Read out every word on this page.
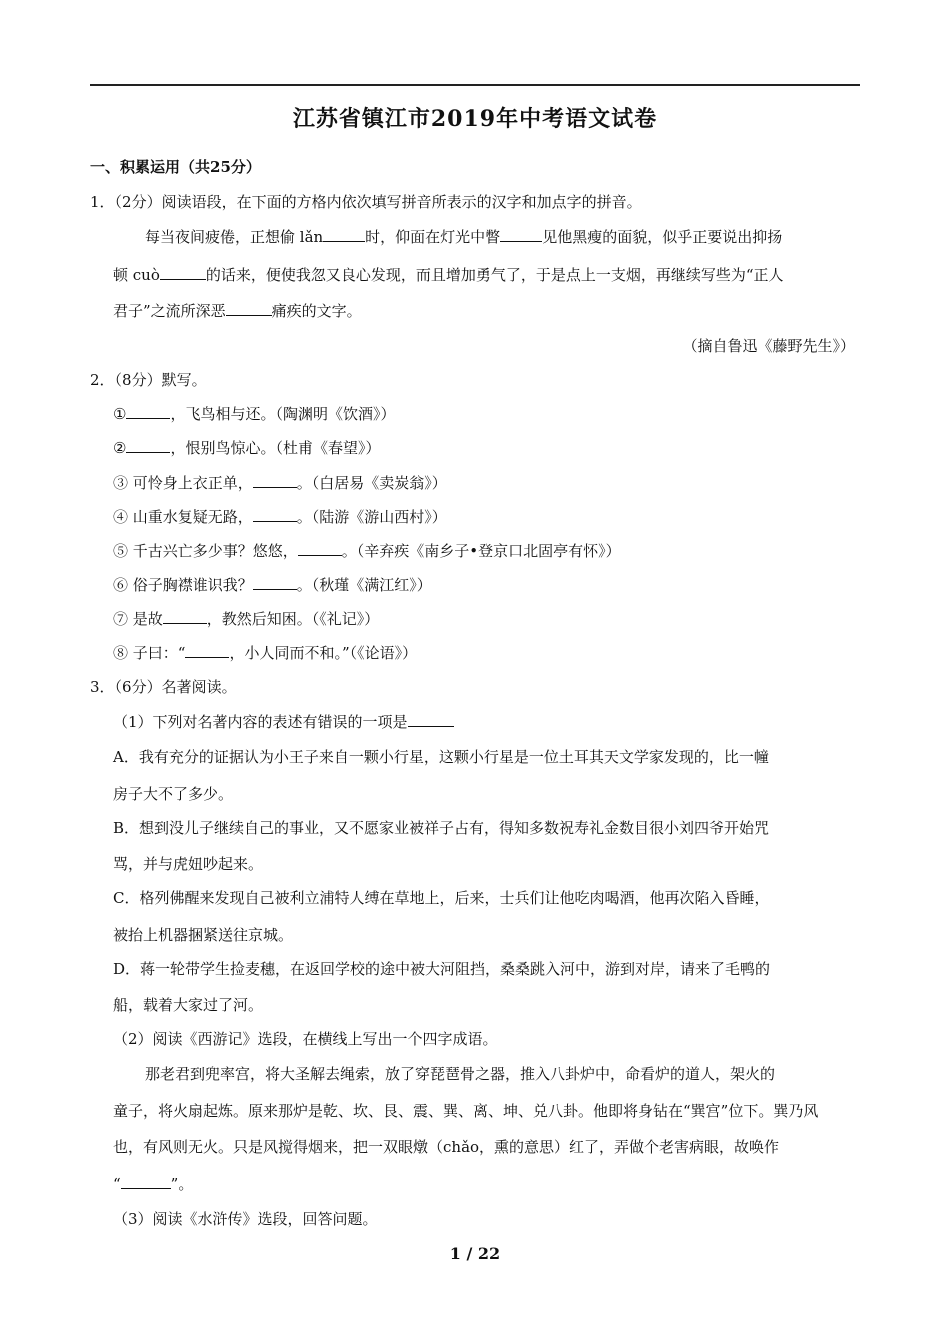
江苏省镇江市2019年中考语文试卷
一、积累运用（共25分）
1．（2分）阅读语段，在下面的方格内依次填写拼音所表示的汉字和加点字的拼音。
每当夜间疲倦，正想偷 lǎn	时，仰面在灯光中瞥	见他黑瘦的面貌，似乎正要说出抑扬
顿 cuò	的话来，便使我忽又良心发现，而且增加勇气了，于是点上一支烟，再继续写些为“正人
君子”之流所深恶	痛疾的文字。
（摘自鲁迅《藤野先生》）
2．（8分）默写。
①	，飞鸟相与还。（陶渊明《饮酒》）
②	，恨别鸟惊心。（杜甫《春望》）
③ 可怜身上衣正单，	。（白居易《卖炭翁》）
④ 山重水复疑无路，	。（陆游《游山西村》）
⑤ 千古兴亡多少事？悠悠，	。（辛弃疾《南乡子•登京口北固亭有怀》）
⑥ 俗子胸襟谁识我？	。（秋瑾《满江红》）
⑦ 是故	，教然后知困。（《礼记》）
⑧ 子曰：“	，小人同而不和。”（《论语》）
3．（6分）名著阅读。
（1）下列对名著内容的表述有错误的一项是
A．我有充分的证据认为小王子来自一颗小行星，这颗小行星是一位土耳其天文学家发现的，比一幢
房子大不了多少。
B．想到没儿子继续自己的事业，又不愿家业被祥子占有，得知多数祝寿礼金数目很小刘四爷开始咒
骂，并与虎妞吵起来。
C．格列佛醒来发现自己被利立浦特人缚在草地上，后来，士兵们让他吃肉喝酒，他再次陷入昏睡，
被抬上机器捆紧送往京城。
D．蒋一轮带学生捡麦穗，在返回学校的途中被大河阻挡，桑桑跳入河中，游到对岸，请来了毛鸭的
船，载着大家过了河。
（2）阅读《西游记》选段，在横线上写出一个四字成语。
那老君到兜率宫，将大圣解去绳索，放了穿琵琶骨之器，推入八卦炉中，命看炉的道人，架火的
童子，将火扇起炼。原来那炉是乾、坎、艮、震、巽、离、坤、兑八卦。他即将身钻在“巽宫”位下。巽乃风
也，有风则无火。只是风搅得烟来，把一双眼燉（chǎo，熏的意思）红了，弄做个老害病眼，故唤作
“	”。
（3）阅读《水浒传》选段，回答问题。
1 / 22
